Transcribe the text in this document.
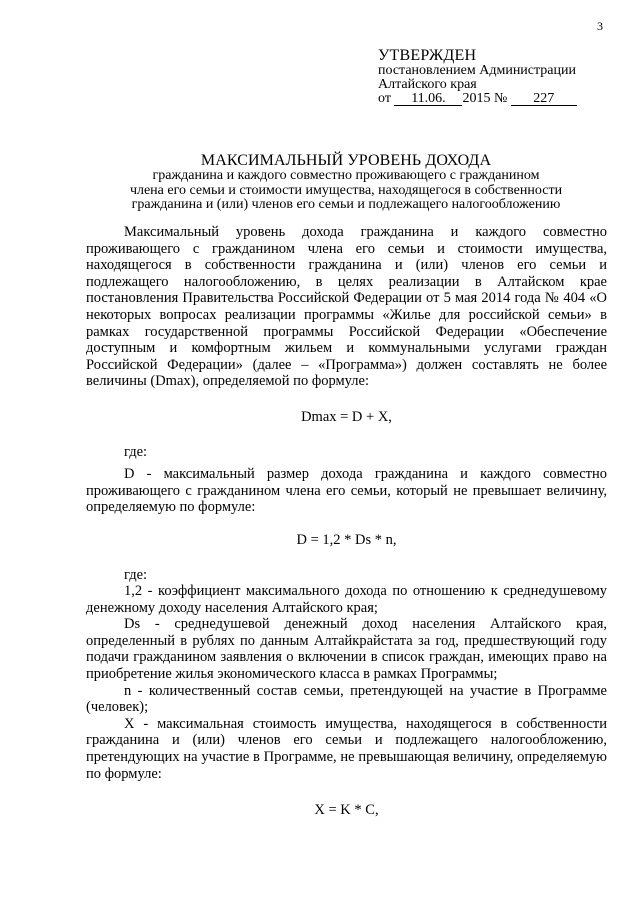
3
УТВЕРЖДЕН
постановлением Администрации
Алтайского края
от 11.06. 2015 № 227
МАКСИМАЛЬНЫЙ УРОВЕНЬ ДОХОДА
гражданина и каждого совместно проживающего с гражданином
члена его семьи и стоимости имущества, находящегося в собственности
гражданина и (или) членов его семьи и подлежащего налогообложению

Максимальный уровень дохода гражданина и каждого совместно проживающего с гражданином члена его семьи и стоимости имущества, находящегося в собственности гражданина и (или) членов его семьи и подлежащего налогообложению, в целях реализации в Алтайском крае постановления Правительства Российской Федерации от 5 мая 2014 года № 404 «О некоторых вопросах реализации программы «Жилье для российской семьи» в рамках государственной программы Российской Федерации «Обеспечение доступным и комфортным жильем и коммунальными услугами граждан Российской Федерации» (далее – «Программа») должен составлять не более величины (Dmax), определяемой по формуле:

Dmax = D + X,
где:

D - максимальный размер дохода гражданина и каждого совместно проживающего с гражданином члена его семьи, который не превышает величину, определяемую по формуле:

D = 1,2 * Ds * n,
где:

1,2 - коэффициент максимального дохода по отношению к среднедушевому денежному доходу населения Алтайского края;

Ds - среднедушевой денежный доход населения Алтайского края, определенный в рублях по данным Алтайкрайстата за год, предшествующий году подачи гражданином заявления о включении в список граждан, имеющих право на приобретение жилья экономического класса в рамках Программы;

n - количественный состав семьи, претендующей на участие в Программе (человек);

X - максимальная стоимость имущества, находящегося в собственности гражданина и (или) членов его семьи и подлежащего налогообложению, претендующих на участие в Программе, не превышающая величину, определяемую по формуле:

X = K * C,
